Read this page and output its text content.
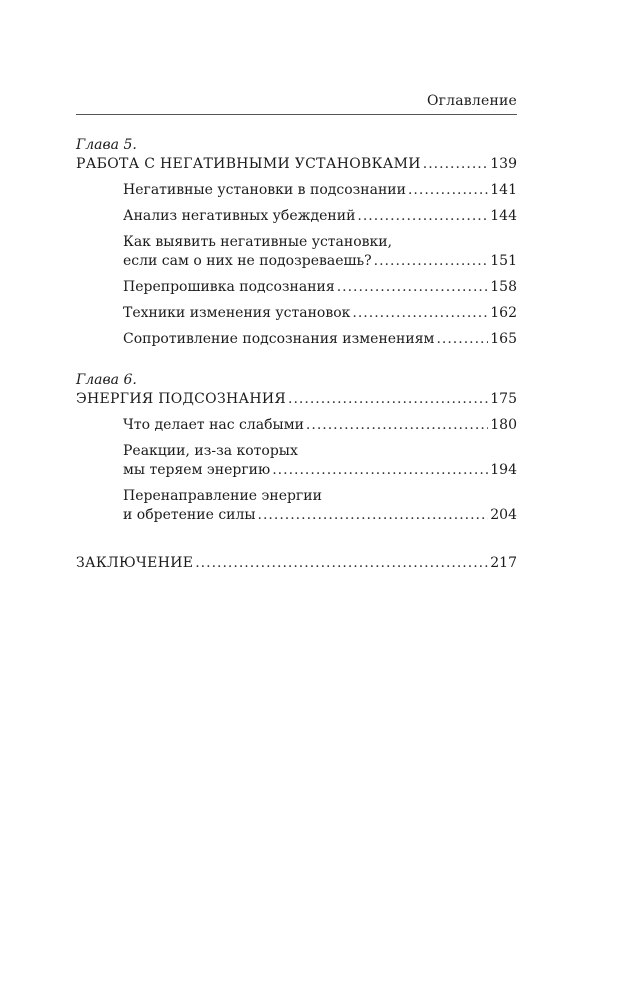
Оглавление
Глава 5.
РАБОТА С НЕГАТИВНЫМИ УСТАНОВКАМИ .....	139
Негативные установки в подсознании .....	141
Анализ негативных убеждений .....	144
Как выявить негативные установки,
если сам о них не подозреваешь? .....	151
Перепрошивка подсознания .....	158
Техники изменения установок .....	162
Сопротивление подсознания изменениям .....	165
Глава 6.
ЭНЕРГИЯ ПОДСОЗНАНИЯ .....	175
Что делает нас слабыми .....	180
Реакции, из-за которых
мы теряем энергию .....	194
Перенаправление энергии
и обретение силы .....	204
ЗАКЛЮЧЕНИЕ .....	217
